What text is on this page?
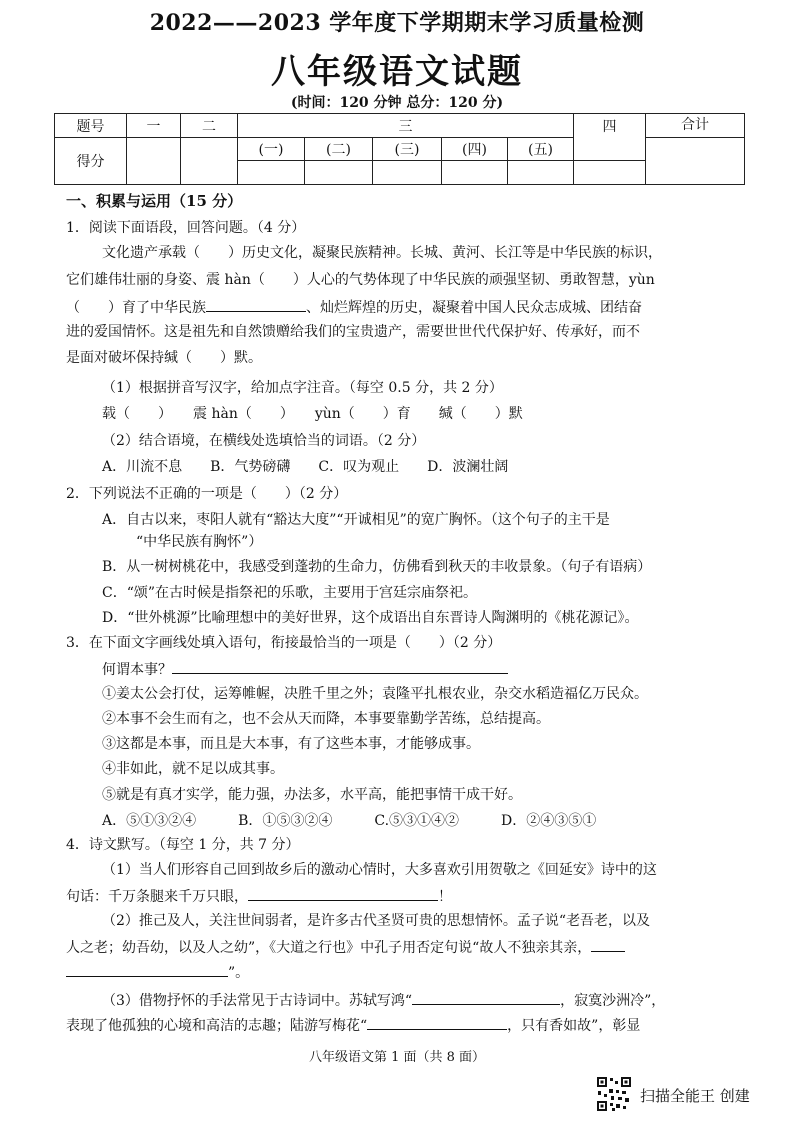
2022——2023 学年度下学期期末学习质量检测
八年级语文试题
(时间：120 分钟 总分：120 分)
题号	一	二	三					四	合计
得分			(一)	(二)	(三)	(四)	(五)		

一、积累与运用（15 分）
1．阅读下面语段，回答问题。（4 分）
文化遗产承载（　　）历史文化，凝聚民族精神。长城、黄河、长江等是中华民族的标识，
它们雄伟壮丽的身姿、震 hàn（　　）人心的气势体现了中华民族的顽强坚韧、勇敢智慧，yùn
（　　）育了中华民族	、灿烂辉煌的历史，凝聚着中国人民众志成城、团结奋
进的爱国情怀。这是祖先和自然馈赠给我们的宝贵遗产，需要世世代代保护好、传承好，而不
是面对破坏保持缄（　　）默。
（1）根据拼音写汉字，给加点字注音。（每空 0.5 分，共 2 分）
载（　　）　　震 hàn（　　）　　yùn（　　）育　　缄（　　）默
（2）结合语境，在横线处选填恰当的词语。（2 分）
A．川流不息　　B．气势磅礴　　C．叹为观止　　D．波澜壮阔
2．下列说法不正确的一项是（　　）（2 分）
A．自古以来，枣阳人就有“豁达大度”“开诚相见”的宽广胸怀。（这个句子的主干是
“中华民族有胸怀”）
B．从一树树桃花中，我感受到蓬勃的生命力，仿佛看到秋天的丰收景象。（句子有语病）
C．“颂”在古时候是指祭祀的乐歌，主要用于宫廷宗庙祭祀。
D．“世外桃源”比喻理想中的美好世界，这个成语出自东晋诗人陶渊明的《桃花源记》。
3．在下面文字画线处填入语句，衔接最恰当的一项是（　　）（2 分）
何谓本事？
①姜太公会打仗，运筹帷幄，决胜千里之外；袁隆平扎根农业，杂交水稻造福亿万民众。
②本事不会生而有之，也不会从天而降，本事要靠勤学苦练，总结提高。
③这都是本事，而且是大本事，有了这些本事，才能够成事。
④非如此，就不足以成其事。
⑤就是有真才实学，能力强，办法多，水平高，能把事情干成干好。
A．⑤①③②④　　　B．①⑤③②④　　　C.⑤③①④②　　　D．②④③⑤①
4．诗文默写。（每空 1 分，共 7 分）
（1）当人们形容自己回到故乡后的激动心情时，大多喜欢引用贺敬之《回延安》诗中的这
句话：千万条腿来千万只眼，	！
（2）推己及人，关注世间弱者，是许多古代圣贤可贵的思想情怀。孟子说“老吾老，以及
人之老；幼吾幼，以及人之幼”，《大道之行也》中孔子用否定句说“故人不独亲其亲，
”。
（3）借物抒怀的手法常见于古诗词中。苏轼写鸿“	，寂寞沙洲冷”，
表现了他孤独的心境和高洁的志趣；陆游写梅花“	，只有香如故”，彰显
八年级语文第 1 面（共 8 面）
扫描全能王 创建
